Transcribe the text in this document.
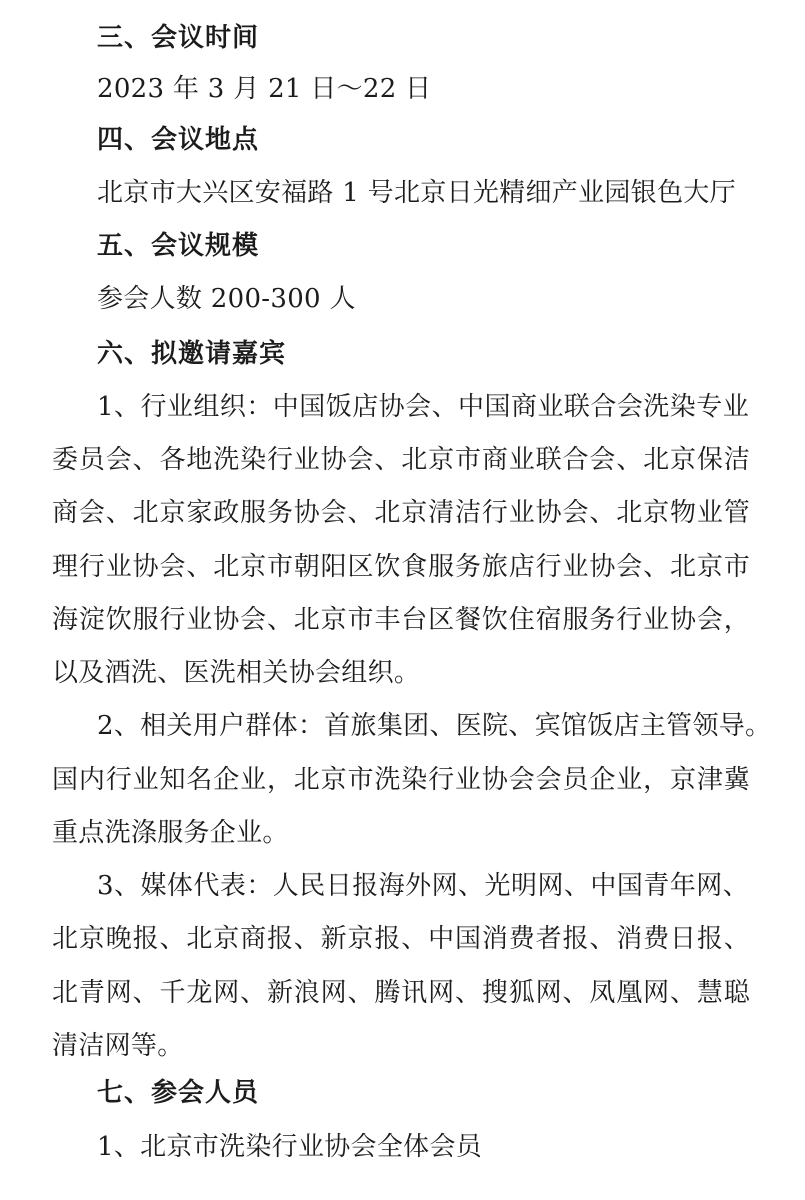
三、会议时间
2023 年 3 月 21 日～22 日
四、会议地点
北京市大兴区安福路 1 号北京日光精细产业园银色大厅
五、会议规模
参会人数 200-300 人
六、拟邀请嘉宾
1、行业组织：中国饭店协会、中国商业联合会洗染专业
委员会、各地洗染行业协会、北京市商业联合会、北京保洁
商会、北京家政服务协会、北京清洁行业协会、北京物业管
理行业协会、北京市朝阳区饮食服务旅店行业协会、北京市
海淀饮服行业协会、北京市丰台区餐饮住宿服务行业协会，
以及酒洗、医洗相关协会组织。
2、相关用户群体：首旅集团、医院、宾馆饭店主管领导。
国内行业知名企业，北京市洗染行业协会会员企业，京津冀
重点洗涤服务企业。
3、媒体代表：人民日报海外网、光明网、中国青年网、
北京晚报、北京商报、新京报、中国消费者报、消费日报、
北青网、千龙网、新浪网、腾讯网、搜狐网、凤凰网、慧聪
清洁网等。
七、参会人员
1、北京市洗染行业协会全体会员
